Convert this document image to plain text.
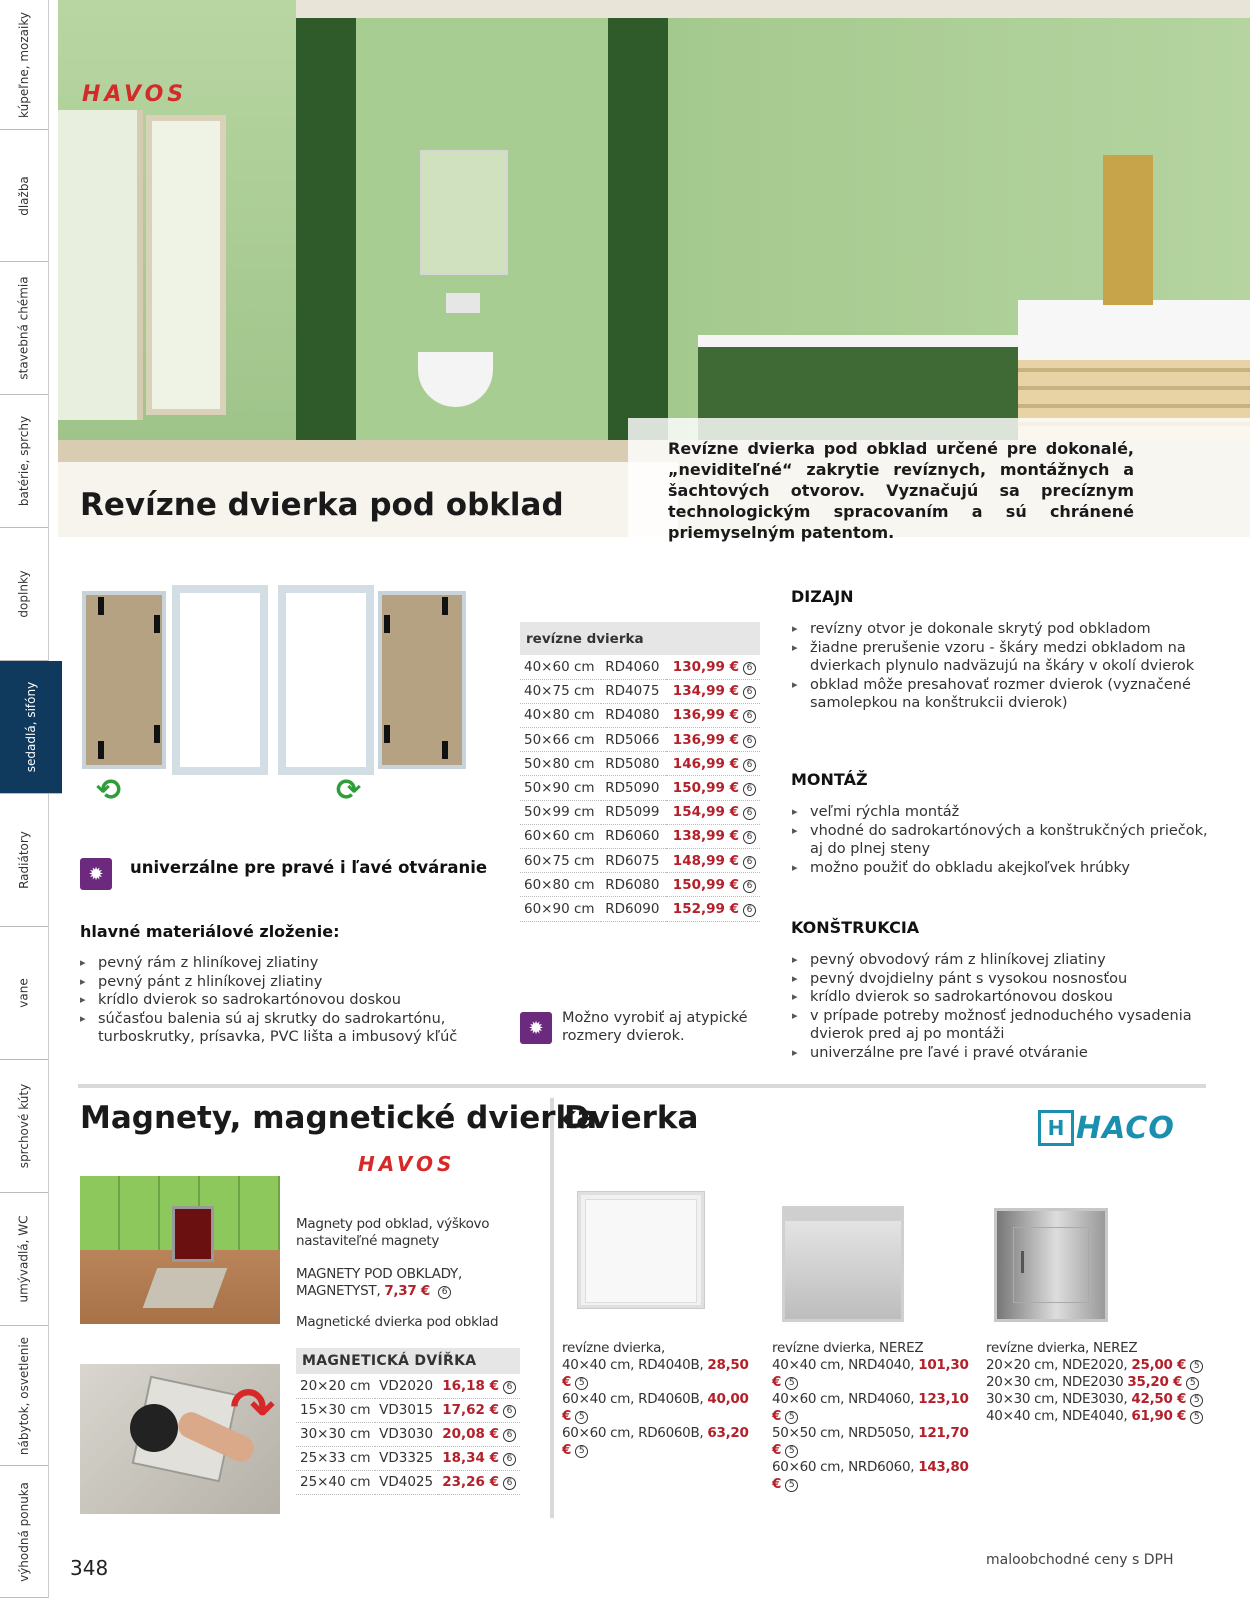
kúpeľne, mozaiky
dlažba
stavebná chémia
batérie, sprchy
doplnky
sedadlá, sifóny
Radiátory
vane
sprchové kúty
umývadlá, WC
nábytok, osvetlenie
výhodná ponuka
HAVOS
Revízne dvierka pod obklad
Revízne dvierka pod obklad určené pre dokonalé, „neviditeľné“ zakrytie revíznych, montážnych a šachtových otvorov. Vyznačujú sa precíznym technologickým spracovaním a sú chránené priemyselným patentom.
⟲	⟳
✹	univerzálne pre pravé i ľavé otváranie
hlavné materiálové zloženie:
▸ pevný rám z hliníkovej zliatiny
▸ pevný pánt z hliníkovej zliatiny
▸ krídlo dvierok so sadrokartónovou doskou
▸ súčasťou balenia sú aj skrutky do sadrokartónu, turboskrutky, prísavka, PVC lišta a imbusový kľúč
revízne dvierka		
40×60 cm	RD4060	130,99 € 6
40×75 cm	RD4075	134,99 € 6
40×80 cm	RD4080	136,99 € 6
50×66 cm	RD5066	136,99 € 6
50×80 cm	RD5080	146,99 € 6
50×90 cm	RD5090	150,99 € 6
50×99 cm	RD5099	154,99 € 6
60×60 cm	RD6060	138,99 € 6
60×75 cm	RD6075	148,99 € 6
60×80 cm	RD6080	150,99 € 6
60×90 cm	RD6090	152,99 € 6
✹	Možno vyrobiť aj atypické rozmery dvierok.
DIZAJN
▸ revízny otvor je dokonale skrytý pod obkladom
▸ žiadne prerušenie vzoru - škáry medzi obkladom na dvierkach plynulo nadväzujú na škáry v okolí dvierok
▸ obklad môže presahovať rozmer dvierok (vyznačené samolepkou na konštrukcii dvierok)
MONTÁŽ
▸ veľmi rýchla montáž
▸ vhodné do sadrokartónových a konštrukčných priečok, aj do plnej steny
▸ možno použiť do obkladu akejkoľvek hrúbky
KONŠTRUKCIA
▸ pevný obvodový rám z hliníkovej zliatiny
▸ pevný dvojdielny pánt s vysokou nosnosťou
▸ krídlo dvierok so sadrokartónovou doskou
▸ v prípade potreby možnosť jednoduchého vysadenia dvierok pred aj po montáži
▸ univerzálne pre ľavé i pravé otváranie
Magnety, magnetické dvierka
HAVOS
Magnety pod obklad, výškovo nastaviteľné magnety
MAGNETY POD OBKLADY,
MAGNETYST, 7,37 € 6
Magnetické dvierka pod obklad
↷
MAGNETICKÁ DVÍŘKA		
20×20 cm	VD2020	16,18 € 6
15×30 cm	VD3015	17,62 € 6
30×30 cm	VD3030	20,08 € 6
25×33 cm	VD3325	18,34 € 6
25×40 cm	VD4025	23,26 € 6
Dvierka	H HACO
revízne dvierka,
40×40 cm, RD4040B, 28,50 € 5
60×40 cm, RD4060B, 40,00 € 5
60×60 cm, RD6060B, 63,20 € 5
revízne dvierka, NEREZ
40×40 cm, NRD4040, 101,30 € 5
40×60 cm, NRD4060, 123,10 € 5
50×50 cm, NRD5050, 121,70 € 5
60×60 cm, NRD6060, 143,80 € 5
revízne dvierka, NEREZ
20×20 cm, NDE2020, 25,00 € 5
20×30 cm, NDE2030 35,20 € 5
30×30 cm, NDE3030, 42,50 € 5
40×40 cm, NDE4040, 61,90 € 5
348	maloobchodné ceny s DPH
